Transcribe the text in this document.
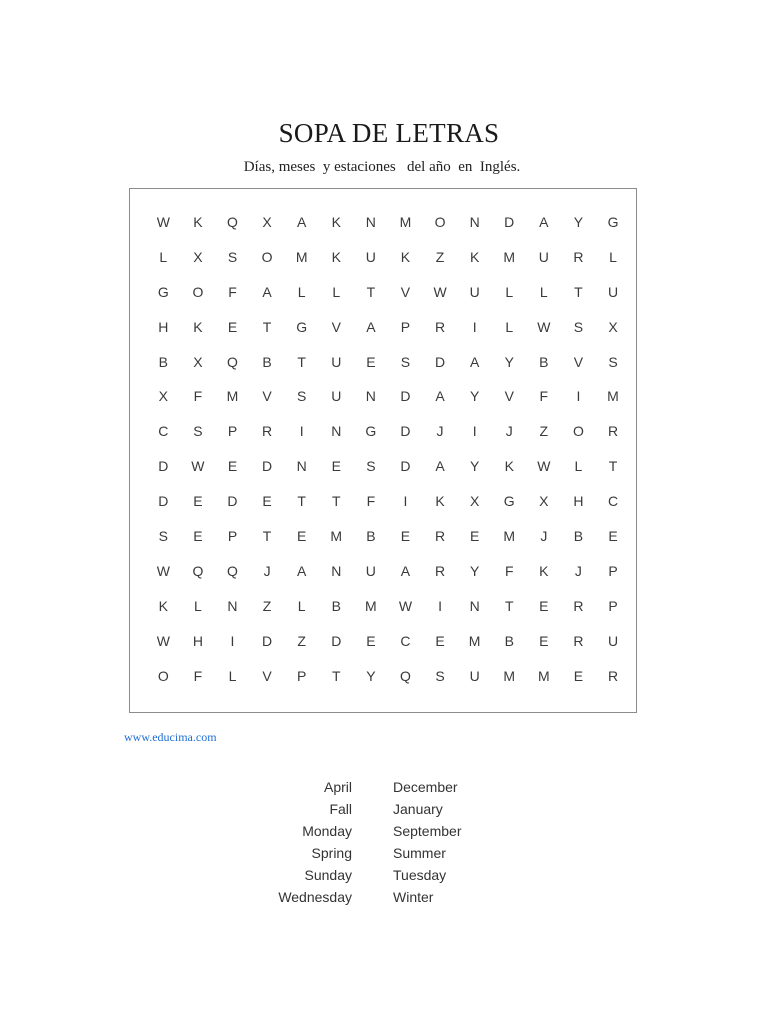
SOPA DE LETRAS
Días, meses  y estaciones   del año  en  Inglés.
W	K	Q	X	A	K	N	M	O	N	D	A	Y	G
L	X	S	O	M	K	U	K	Z	K	M	U	R	L
G	O	F	A	L	L	T	V	W	U	L	L	T	U
H	K	E	T	G	V	A	P	R	I	L	W	S	X
B	X	Q	B	T	U	E	S	D	A	Y	B	V	S
X	F	M	V	S	U	N	D	A	Y	V	F	I	M
C	S	P	R	I	N	G	D	J	I	J	Z	O	R
D	W	E	D	N	E	S	D	A	Y	K	W	L	T
D	E	D	E	T	T	F	I	K	X	G	X	H	C
S	E	P	T	E	M	B	E	R	E	M	J	B	E
W	Q	Q	J	A	N	U	A	R	Y	F	K	J	P
K	L	N	Z	L	B	M	W	I	N	T	E	R	P
W	H	I	D	Z	D	E	C	E	M	B	E	R	U
O	F	L	V	P	T	Y	Q	S	U	M	M	E	R
www.educima.com
April
Fall
Monday
Spring
Sunday
Wednesday
December
January
September
Summer
Tuesday
Winter
